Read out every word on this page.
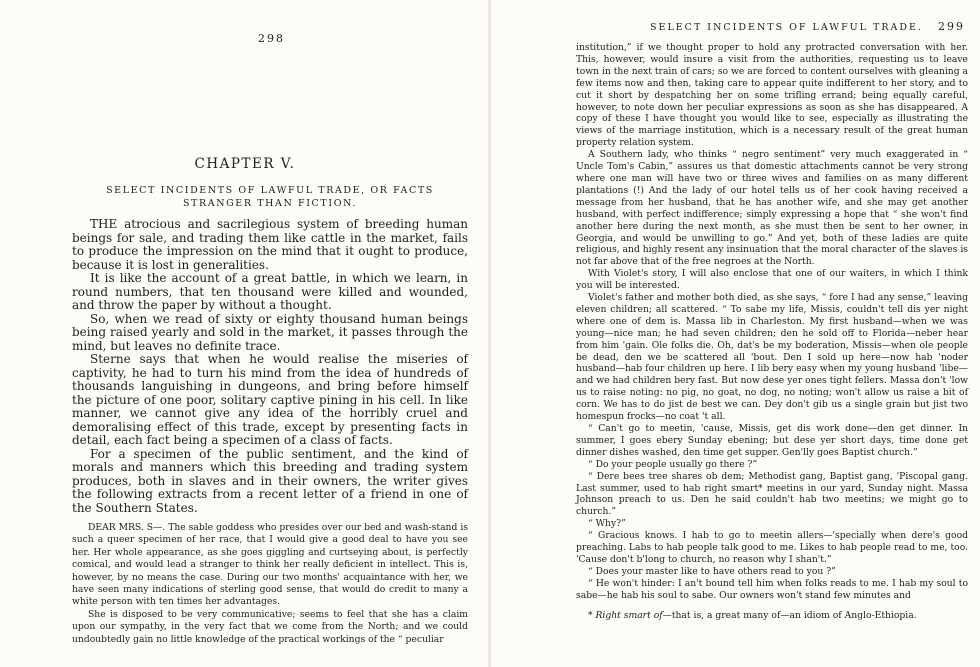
298
CHAPTER V.
SELECT INCIDENTS OF LAWFUL TRADE, OR FACTS STRANGER THAN FICTION.

THE atrocious and sacrilegious system of breeding human beings for sale, and trading them like cattle in the market, fails to produce the impression on the mind that it ought to produce, because it is lost in generalities.

It is like the account of a great battle, in which we learn, in round numbers, that ten thousand were killed and wounded, and throw the paper by without a thought.

So, when we read of sixty or eighty thousand human beings being raised yearly and sold in the market, it passes through the mind, but leaves no definite trace.

Sterne says that when he would realise the miseries of captivity, he had to turn his mind from the idea of hundreds of thousands languishing in dungeons, and bring before himself the picture of one poor, solitary captive pining in his cell. In like manner, we cannot give any idea of the horribly cruel and demoralising effect of this trade, except by presenting facts in detail, each fact being a specimen of a class of facts.

For a specimen of the public sentiment, and the kind of morals and manners which this breeding and trading system produces, both in slaves and in their owners, the writer gives the following extracts from a recent letter of a friend in one of the Southern States.

DEAR MRS. S—. The sable goddess who presides over our bed and wash-stand is such a queer specimen of her race, that I would give a good deal to have you see her. Her whole appearance, as she goes giggling and curtseying about, is perfectly comical, and would lead a stranger to think her really deficient in intellect. This is, however, by no means the case. During our two months' acquaintance with her, we have seen many indications of sterling good sense, that would do credit to many a white person with ten times her advantages.

She is disposed to be very communicative; seems to feel that she has a claim upon our sympathy, in the very fact that we come from the North; and we could undoubtedly gain no little knowledge of the practical workings of the “ peculiar

SELECT INCIDENTS OF LAWFUL TRADE. 299

institution,” if we thought proper to hold any protracted conversation with her. This, however, would insure a visit from the authorities, requesting us to leave town in the next train of cars; so we are forced to content ourselves with gleaning a few items now and then, taking care to appear quite indifferent to her story, and to cut it short by despatching her on some trifling errand; being equally careful, however, to note down her peculiar expressions as soon as she has disappeared. A copy of these I have thought you would like to see, especially as illustrating the views of the marriage institution, which is a necessary result of the great human property relation system.

A Southern lady, who thinks “ negro sentiment” very much exaggerated in “ Uncle Tom's Cabin,” assures us that domestic attachments cannot be very strong where one man will have two or three wives and families on as many different plantations (!) And the lady of our hotel tells us of her cook having received a message from her husband, that he has another wife, and she may get another husband, with perfect indifference; simply expressing a hope that “ she won't find another here during the next month, as she must then be sent to her owner, in Georgia, and would be unwilling to go.” And yet, both of these ladies are quite religious, and highly resent any insinuation that the moral character of the slaves is not far above that of the free negroes at the North.

With Violet's story, I will also enclose that one of our waiters, in which I think you will be interested.

Violet's father and mother both died, as she says, “ fore I had any sense,” leaving eleven children; all scattered. “ To sabe my life, Missis, couldn't tell dis yer night where one of dem is. Massa lib in Charleston. My first husband—when we was young—nice man; he had seven children; den he sold off to Florida—neber hear from him 'gain. Ole folks die. Oh, dat's be my boderation, Missis—when ole people be dead, den we be scattered all 'bout. Den I sold up here—now hab 'noder husband—hab four children up here. I lib bery easy when my young husband 'libe—and we had children bery fast. But now dese yer ones tight fellers. Massa don't 'low us to raise noting: no pig, no goat, no dog, no noting; won't allow us raise a bit of corn. We has to do jist de best we can. Dey don't gib us a single grain but jist two homespun frocks—no coat 't all.

“ Can't go to meetin, 'cause, Missis, get dis work done—den get dinner. In summer, I goes ebery Sunday ebening; but dese yer short days, time done get dinner dishes washed, den time get supper. Gen'lly goes Baptist church.”

“ Do your people usually go there ?”

“ Dere bees tree shares ob dem; Methodist gang, Baptist gang, 'Piscopal gang. Last summer, used to hab right smart* meetins in our yard, Sunday night. Massa Johnson preach to us. Den he said couldn't hab two meetins; we might go to church.”

“ Why?”

“ Gracious knows. I hab to go to meetin allers—'specially when dere's good preaching. Labs to hab people talk good to me. Likes to hab people read to me, too. 'Cause don't b'long to church, no reason why I shan't.”

“ Does your master like to have others read to you ?”

“ He won't hinder: I an't bound tell him when folks reads to me. I hab my soul to sabe—he hab his soul to sabe. Our owners won't stand few minutes and

* Right smart of—that is, a great many of—an idiom of Anglo-Ethiopia.
